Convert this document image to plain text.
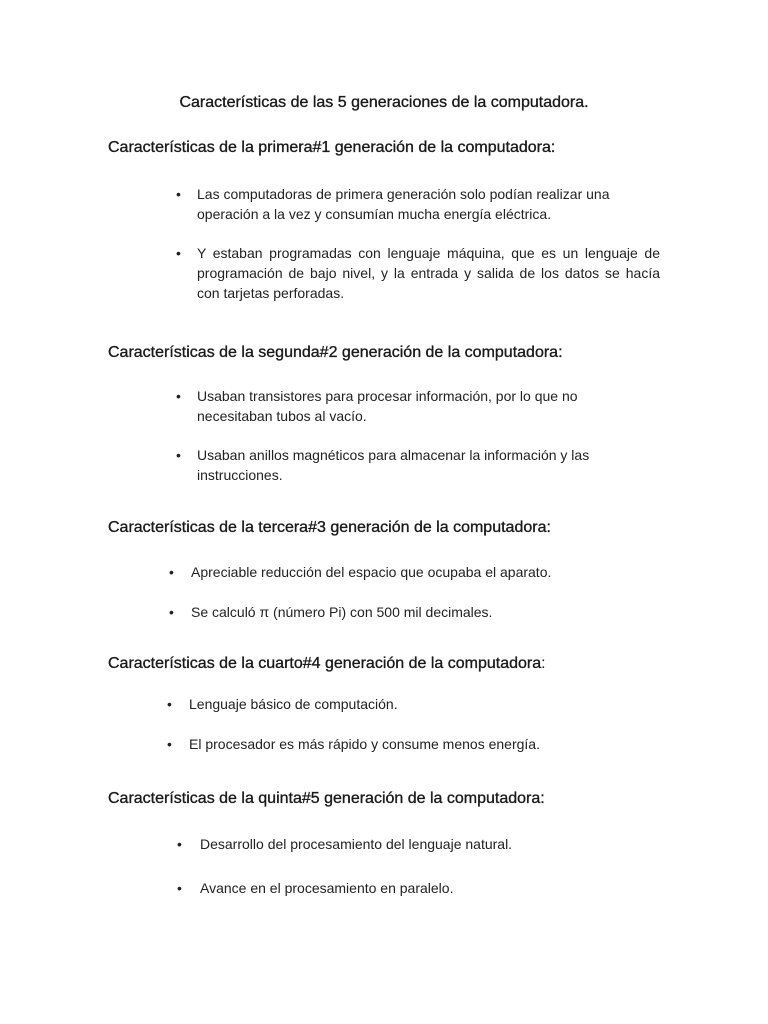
Características de las 5 generaciones de la computadora.
Características de la primera#1 generación de la computadora:
• Las computadoras de primera generación solo podían realizar una operación a la vez y consumían mucha energía eléctrica.
• Y estaban programadas con lenguaje máquina, que es un lenguaje de programación de bajo nivel, y la entrada y salida de los datos se hacía con tarjetas perforadas.
Características de la segunda#2 generación de la computadora:
• Usaban transistores para procesar información, por lo que no necesitaban tubos al vacío.
• Usaban anillos magnéticos para almacenar la información y las instrucciones.
Características de la tercera#3 generación de la computadora:
• Apreciable reducción del espacio que ocupaba el aparato.
• Se calculó π (número Pi) con 500 mil decimales.
Características de la cuarto#4 generación de la computadora:
• Lenguaje básico de computación.
• El procesador es más rápido y consume menos energía.
Características de la quinta#5 generación de la computadora:
• Desarrollo del procesamiento del lenguaje natural.
• Avance en el procesamiento en paralelo.
